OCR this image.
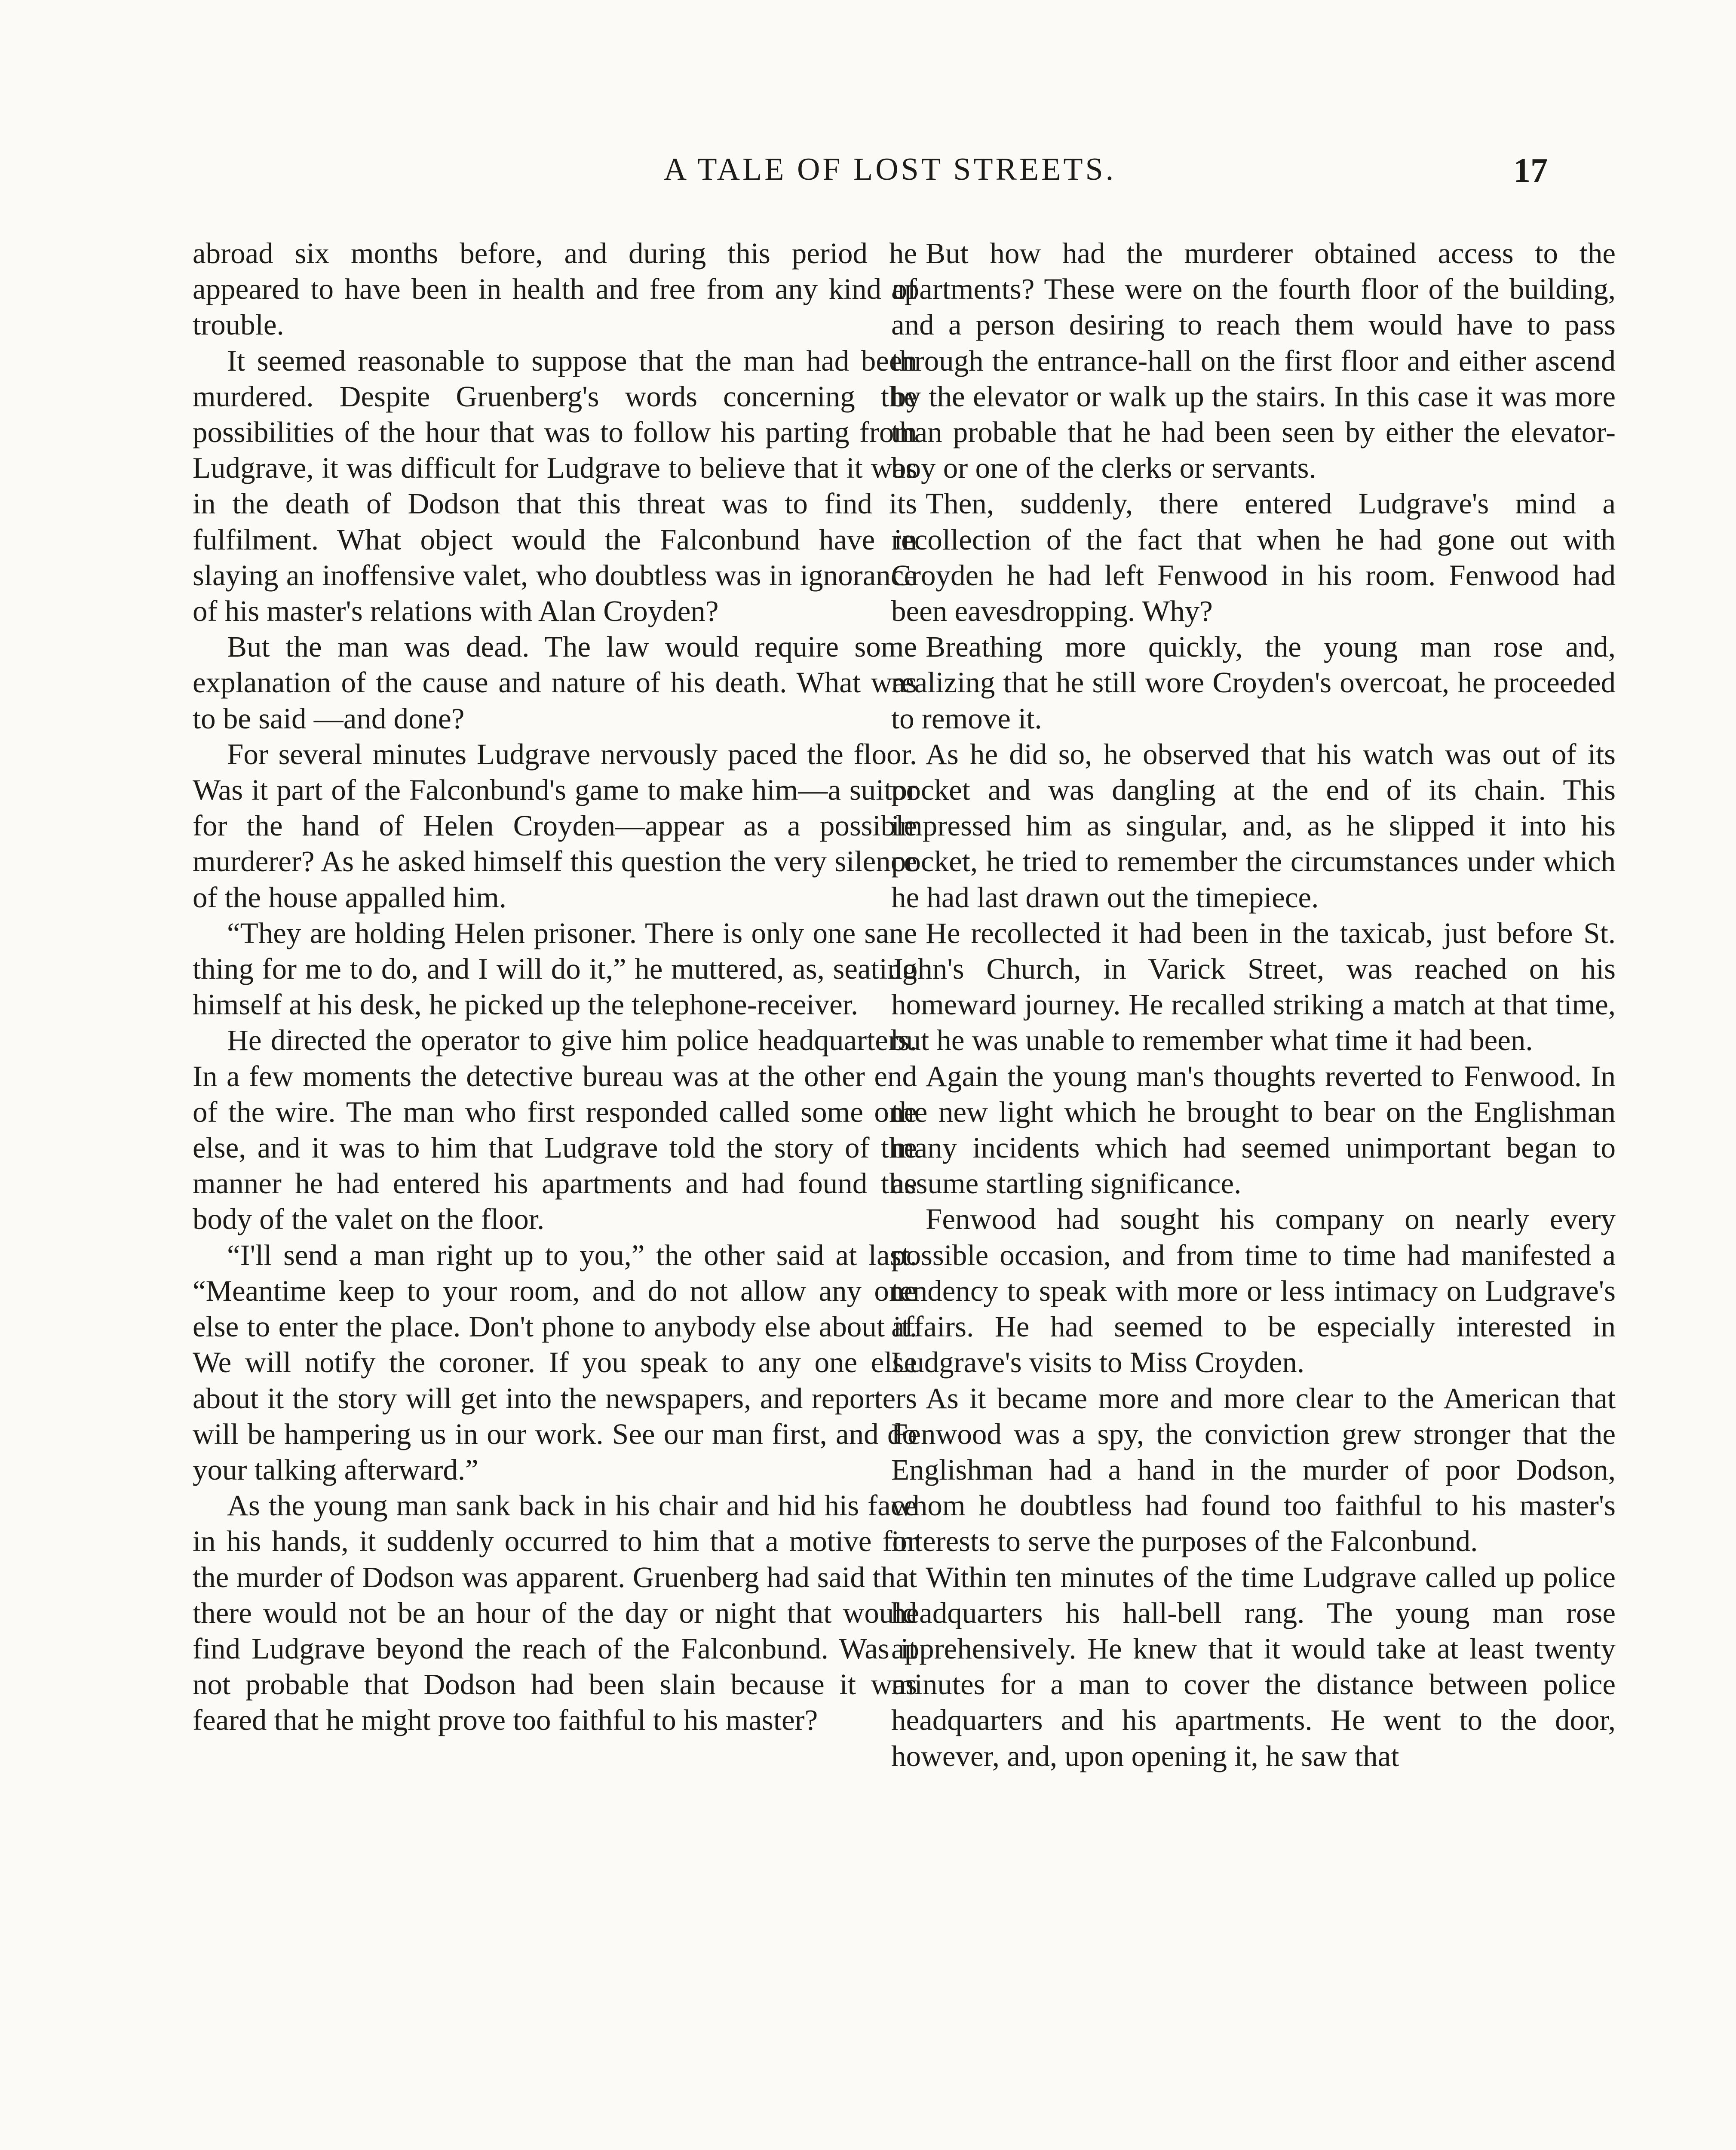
A TALE OF LOST STREETS.	17

abroad six months before, and during this period he appeared to have been in health and free from any kind of trouble.

It seemed reasonable to suppose that the man had been murdered. Despite Gruenberg's words concerning the possibilities of the hour that was to follow his parting from Ludgrave, it was difficult for Ludgrave to believe that it was in the death of Dodson that this threat was to find its fulfilment. What object would the Falconbund have in slaying an inoffensive valet, who doubtless was in ignorance of his master's relations with Alan Croyden?

But the man was dead. The law would require some explanation of the cause and nature of his death. What was to be said —and done?

For several minutes Ludgrave nervously paced the floor. Was it part of the Falconbund's game to make him—a suitor for the hand of Helen Croyden—appear as a possible murderer? As he asked himself this question the very silence of the house appalled him.

“They are holding Helen prisoner. There is only one sane thing for me to do, and I will do it,” he muttered, as, seating himself at his desk, he picked up the telephone-receiver.

He directed the operator to give him police headquarters. In a few moments the detective bureau was at the other end of the wire. The man who first responded called some one else, and it was to him that Ludgrave told the story of the manner he had entered his apartments and had found the body of the valet on the floor.

“I'll send a man right up to you,” the other said at last. “Meantime keep to your room, and do not allow any one else to enter the place. Don't phone to anybody else about it. We will notify the coroner. If you speak to any one else about it the story will get into the newspapers, and reporters will be hampering us in our work. See our man first, and do your talking afterward.”

As the young man sank back in his chair and hid his face in his hands, it suddenly occurred to him that a motive for the murder of Dodson was apparent. Gruenberg had said that there would not be an hour of the day or night that would find Ludgrave beyond the reach of the Falconbund. Was it not probable that Dodson had been slain because it was feared that he might prove too faithful to his master?

But how had the murderer obtained access to the apartments? These were on the fourth floor of the building, and a person desiring to reach them would have to pass through the entrance-hall on the first floor and either ascend by the elevator or walk up the stairs. In this case it was more than probable that he had been seen by either the elevator-boy or one of the clerks or servants.

Then, suddenly, there entered Ludgrave's mind a recollection of the fact that when he had gone out with Croyden he had left Fenwood in his room. Fenwood had been eavesdropping. Why?

Breathing more quickly, the young man rose and, realizing that he still wore Croyden's overcoat, he proceeded to remove it.

As he did so, he observed that his watch was out of its pocket and was dangling at the end of its chain. This impressed him as singular, and, as he slipped it into his pocket, he tried to remember the circumstances under which he had last drawn out the timepiece.

He recollected it had been in the taxicab, just before St. John's Church, in Varick Street, was reached on his homeward journey. He recalled striking a match at that time, but he was unable to remember what time it had been.

Again the young man's thoughts reverted to Fenwood. In the new light which he brought to bear on the Englishman many incidents which had seemed unimportant began to assume startling significance.

Fenwood had sought his company on nearly every possible occasion, and from time to time had manifested a tendency to speak with more or less intimacy on Ludgrave's affairs. He had seemed to be especially interested in Ludgrave's visits to Miss Croyden.

As it became more and more clear to the American that Fenwood was a spy, the conviction grew stronger that the Englishman had a hand in the murder of poor Dodson, whom he doubtless had found too faithful to his master's interests to serve the purposes of the Falconbund.

Within ten minutes of the time Ludgrave called up police headquarters his hall-bell rang. The young man rose apprehensively. He knew that it would take at least twenty minutes for a man to cover the distance between police headquarters and his apartments. He went to the door, however, and, upon opening it, he saw that
